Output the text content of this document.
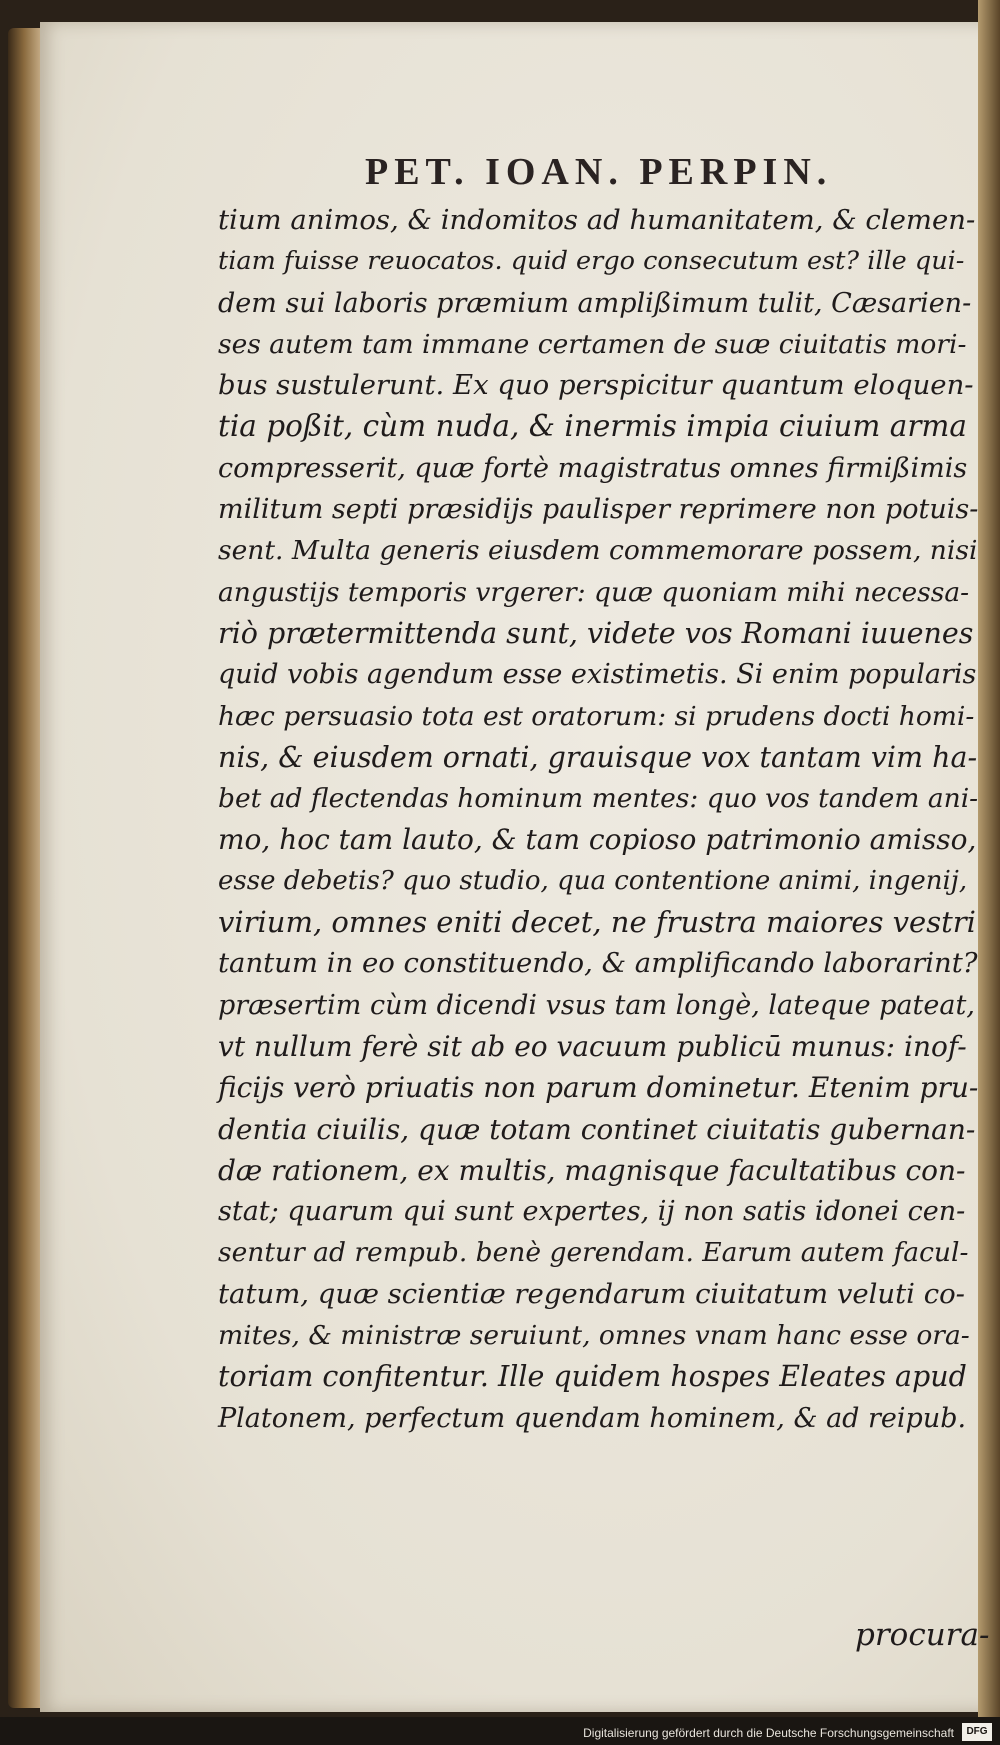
PET. IOAN. PERPIN.
tium animos, & indomitos ad humanitatem, & clemen-
tiam fuisse reuocatos. quid ergo consecutum est? ille qui-
dem sui laboris præmium amplißimum tulit, Cæsarien-
ses autem tam immane certamen de suæ ciuitatis mori-
bus sustulerunt. Ex quo perspicitur quantum eloquen-
tia poßit, cùm nuda, & inermis impia ciuium arma
compresserit, quæ fortè magistratus omnes firmißimis
militum septi præsidijs paulisper reprimere non potuis-
sent. Multa generis eiusdem commemorare possem, nisi
angustijs temporis vrgerer: quæ quoniam mihi necessa-
riò prætermittenda sunt, videte vos Romani iuuenes
quid vobis agendum esse existimetis. Si enim popularis
hæc persuasio tota est oratorum: si prudens docti homi-
nis, & eiusdem ornati, grauisque vox tantam vim ha-
bet ad flectendas hominum mentes: quo vos tandem ani-
mo, hoc tam lauto, & tam copioso patrimonio amisso,
esse debetis? quo studio, qua contentione animi, ingenij,
virium, omnes eniti decet, ne frustra maiores vestri
tantum in eo constituendo, & amplificando laborarint?
præsertim cùm dicendi vsus tam longè, lateque pateat,
vt nullum ferè sit ab eo vacuum publicū munus: inof-
ficijs verò priuatis non parum dominetur. Etenim pru-
dentia ciuilis, quæ totam continet ciuitatis gubernan-
dæ rationem, ex multis, magnisque facultatibus con-
stat; quarum qui sunt expertes, ij non satis idonei cen-
sentur ad rempub. benè gerendam. Earum autem facul-
tatum, quæ scientiæ regendarum ciuitatum veluti co-
mites, & ministræ seruiunt, omnes vnam hanc esse ora-
toriam confitentur. Ille quidem hospes Eleates apud
Platonem, perfectum quendam hominem, & ad reipub.

procura-

Digitalisierung gefördert durch die Deutsche Forschungsgemeinschaft	DFG
